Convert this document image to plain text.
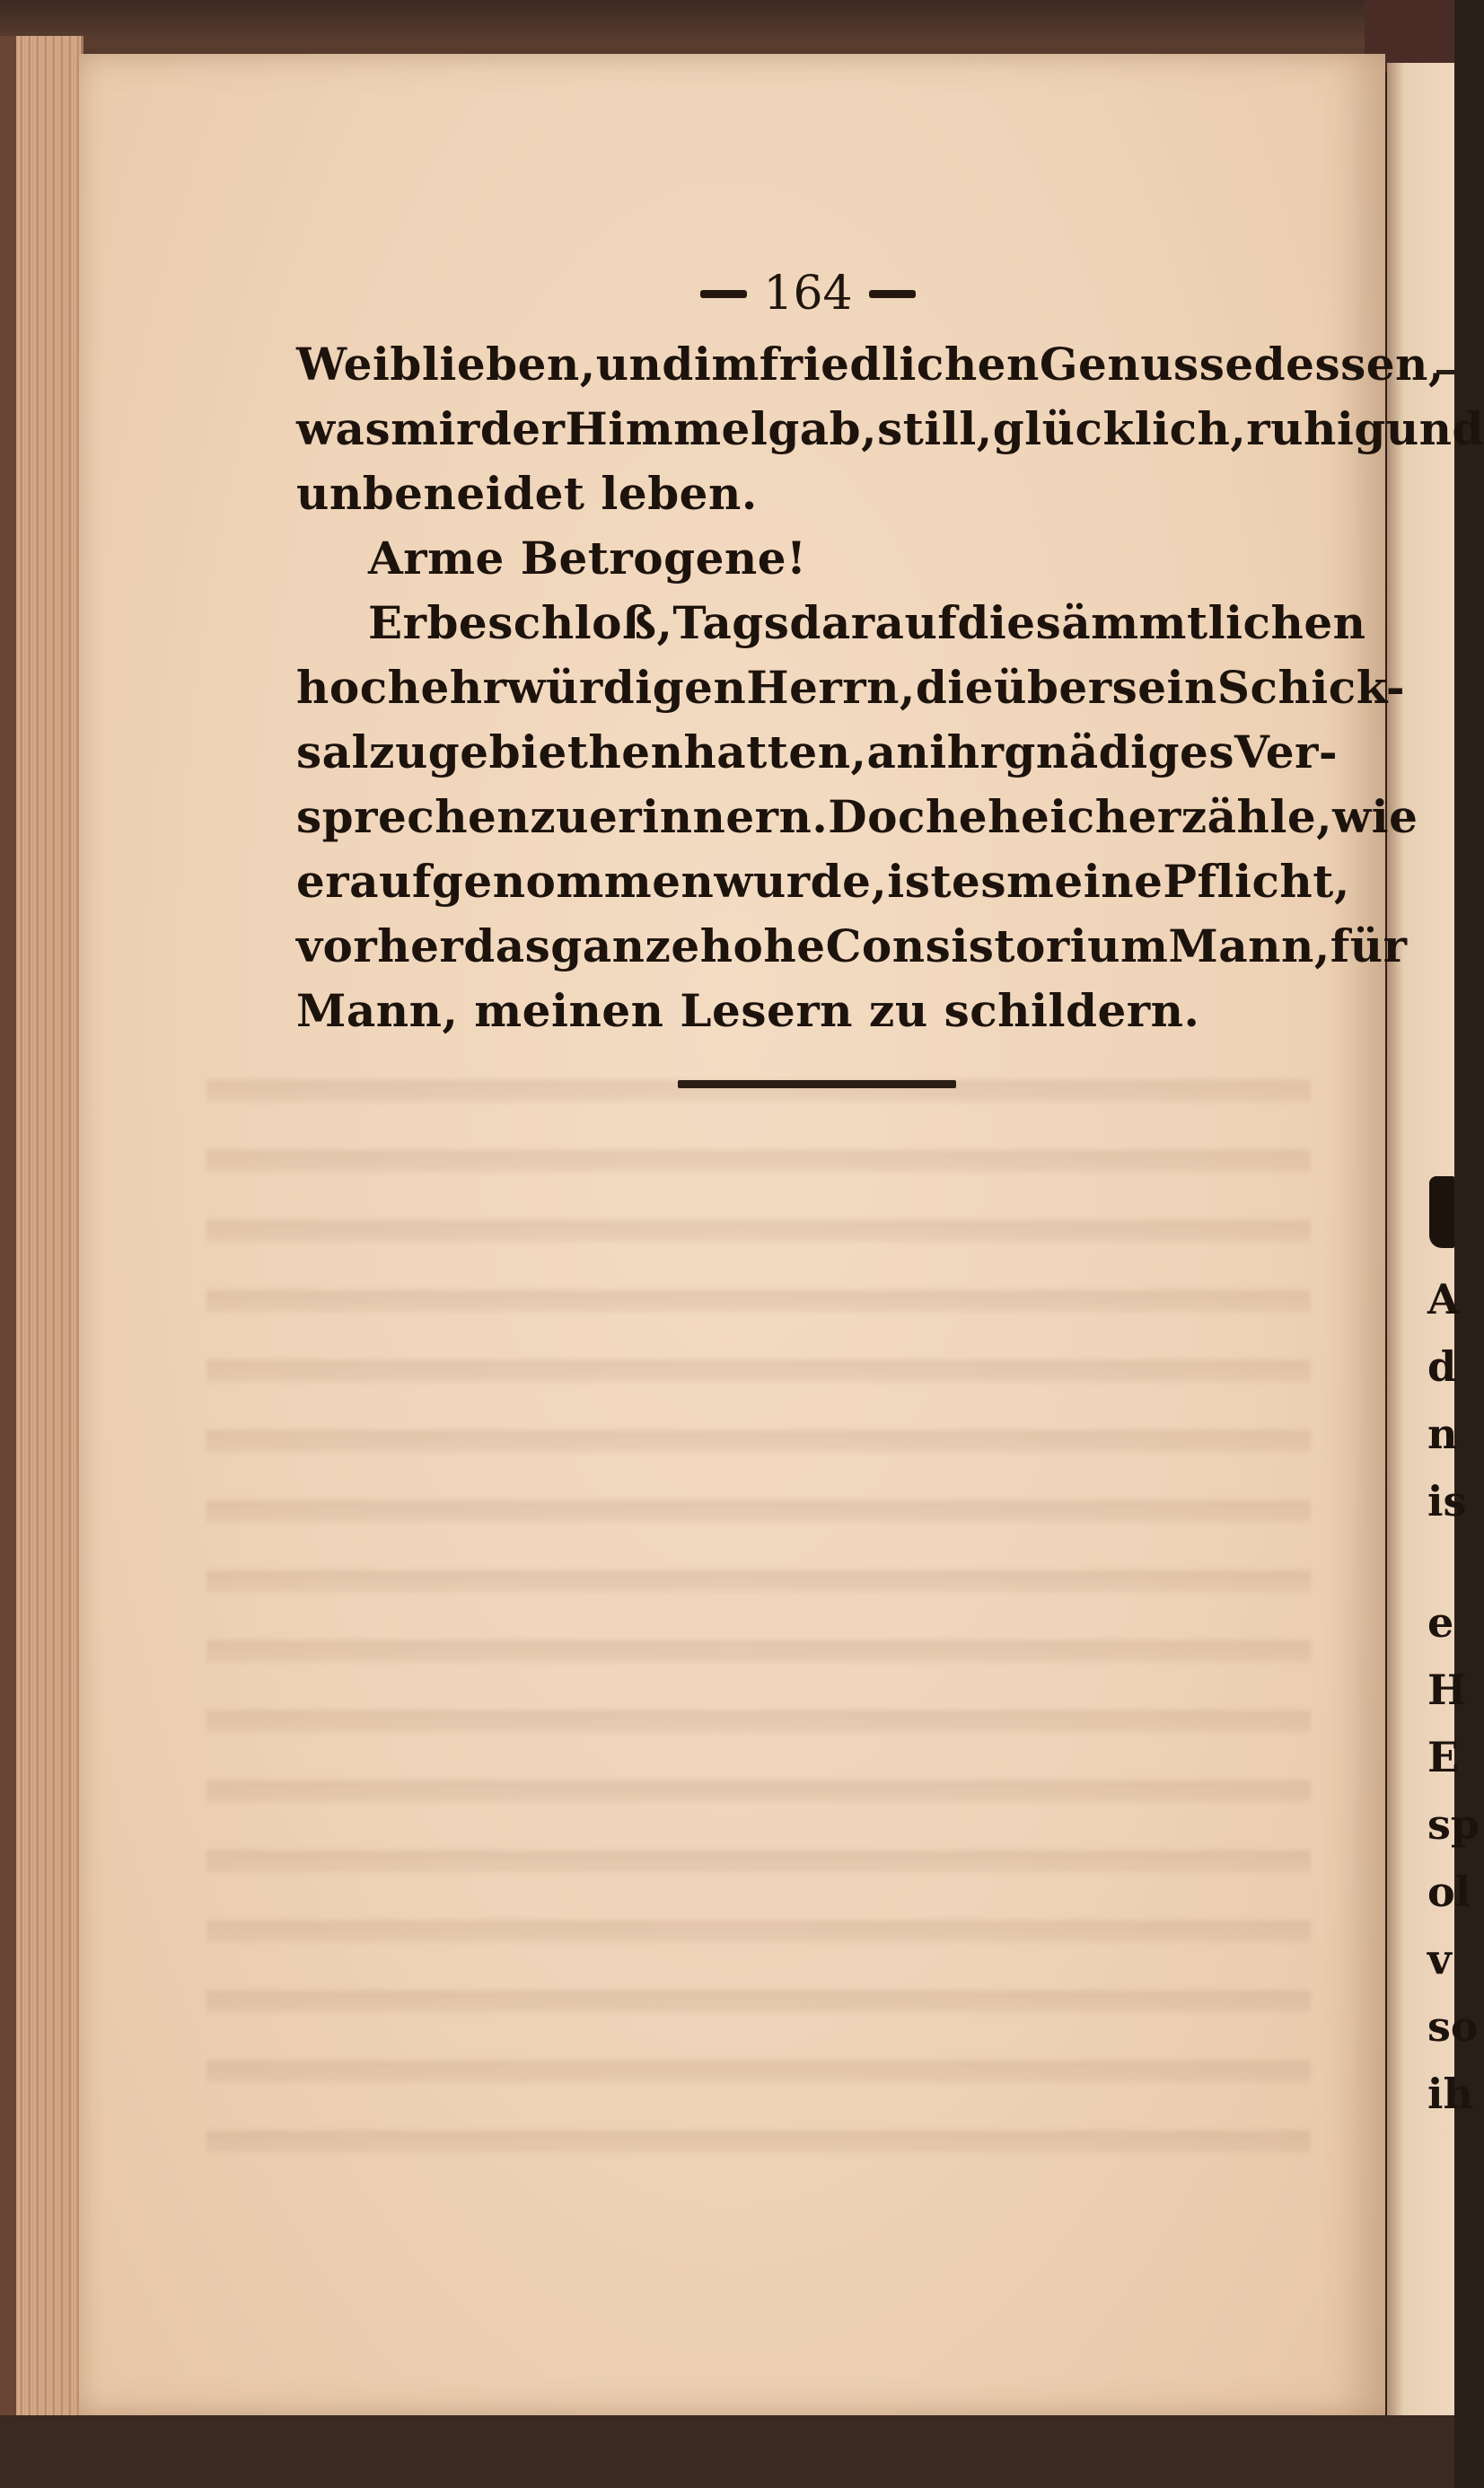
164
Weib lieben, und im friedlichen Genusse dessen,
was mir der Himmel gab, still, glücklich, ruhig und
unbeneidet leben.
Arme Betrogene!
Er beschloß, Tags darauf die sämmtlichen
hochehrwürdigen Herrn, die über sein Schick-
sal zu gebiethen hatten, an ihr gnädiges Ver-
sprechen zu erinnern. Doch ehe ich erzähle, wie
er aufgenommen wurde, ist es meine Pflicht,
vorher das ganze hohe Consistorium Mann, für
Mann, meinen Lesern zu schildern.
A
d
n
is
e
H
E
sp
ol
v
so
ih
